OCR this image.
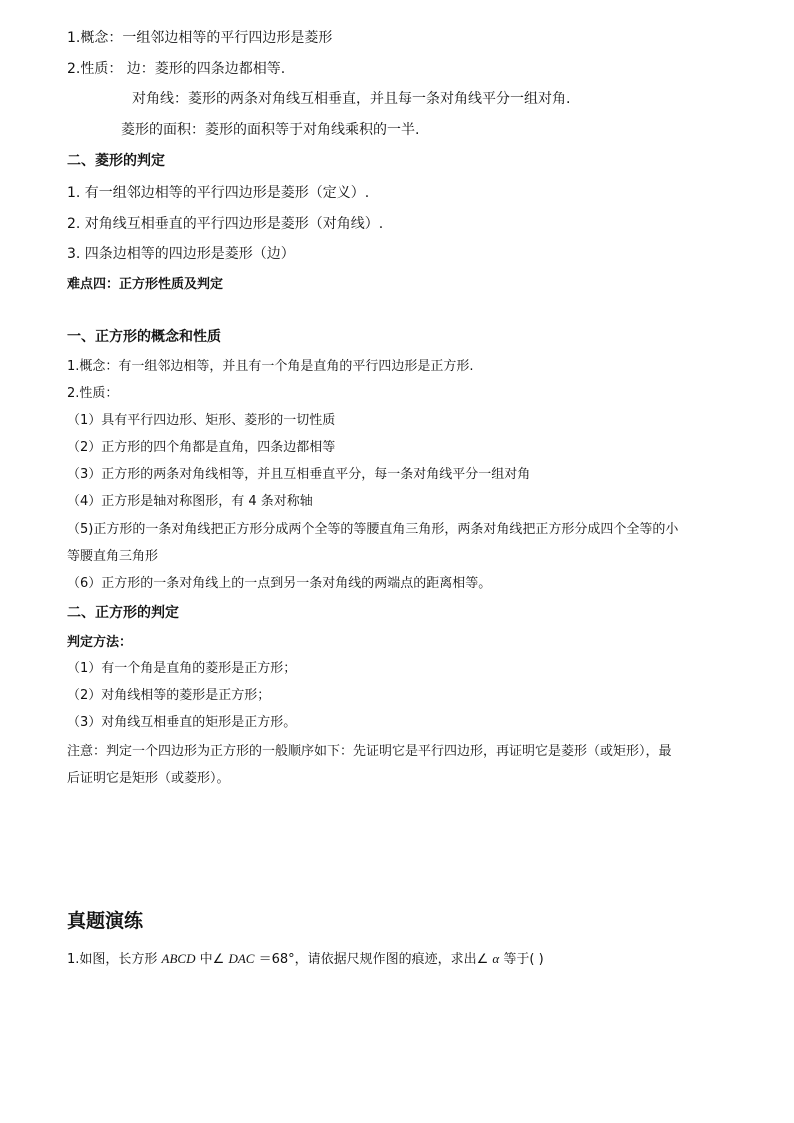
1.概念：一组邻边相等的平行四边形是菱形
2.性质： 边：菱形的四条边都相等.
对角线：菱形的两条对角线互相垂直，并且每一条对角线平分一组对角.
菱形的面积：菱形的面积等于对角线乘积的一半.
二、菱形的判定
1. 有一组邻边相等的平行四边形是菱形（定义）.
2. 对角线互相垂直的平行四边形是菱形（对角线）.
3. 四条边相等的四边形是菱形（边）
难点四：正方形性质及判定
一、正方形的概念和性质
1.概念：有一组邻边相等，并且有一个角是直角的平行四边形是正方形.
2.性质：
（1）具有平行四边形、矩形、菱形的一切性质
（2）正方形的四个角都是直角，四条边都相等
（3）正方形的两条对角线相等，并且互相垂直平分，每一条对角线平分一组对角
（4）正方形是轴对称图形，有 4 条对称轴
（5)正方形的一条对角线把正方形分成两个全等的等腰直角三角形，两条对角线把正方形分成四个全等的小
等腰直角三角形
（6）正方形的一条对角线上的一点到另一条对角线的两端点的距离相等。
二、正方形的判定
判定方法：
（1）有一个角是直角的菱形是正方形；
（2）对角线相等的菱形是正方形；
（3）对角线互相垂直的矩形是正方形。
注意：判定一个四边形为正方形的一般顺序如下：先证明它是平行四边形，再证明它是菱形（或矩形），最
后证明它是矩形（或菱形）。
真题演练
1.如图，长方形 ABCD 中∠ DAC ＝68°，请依据尺规作图的痕迹，求出∠ α 等于( )
